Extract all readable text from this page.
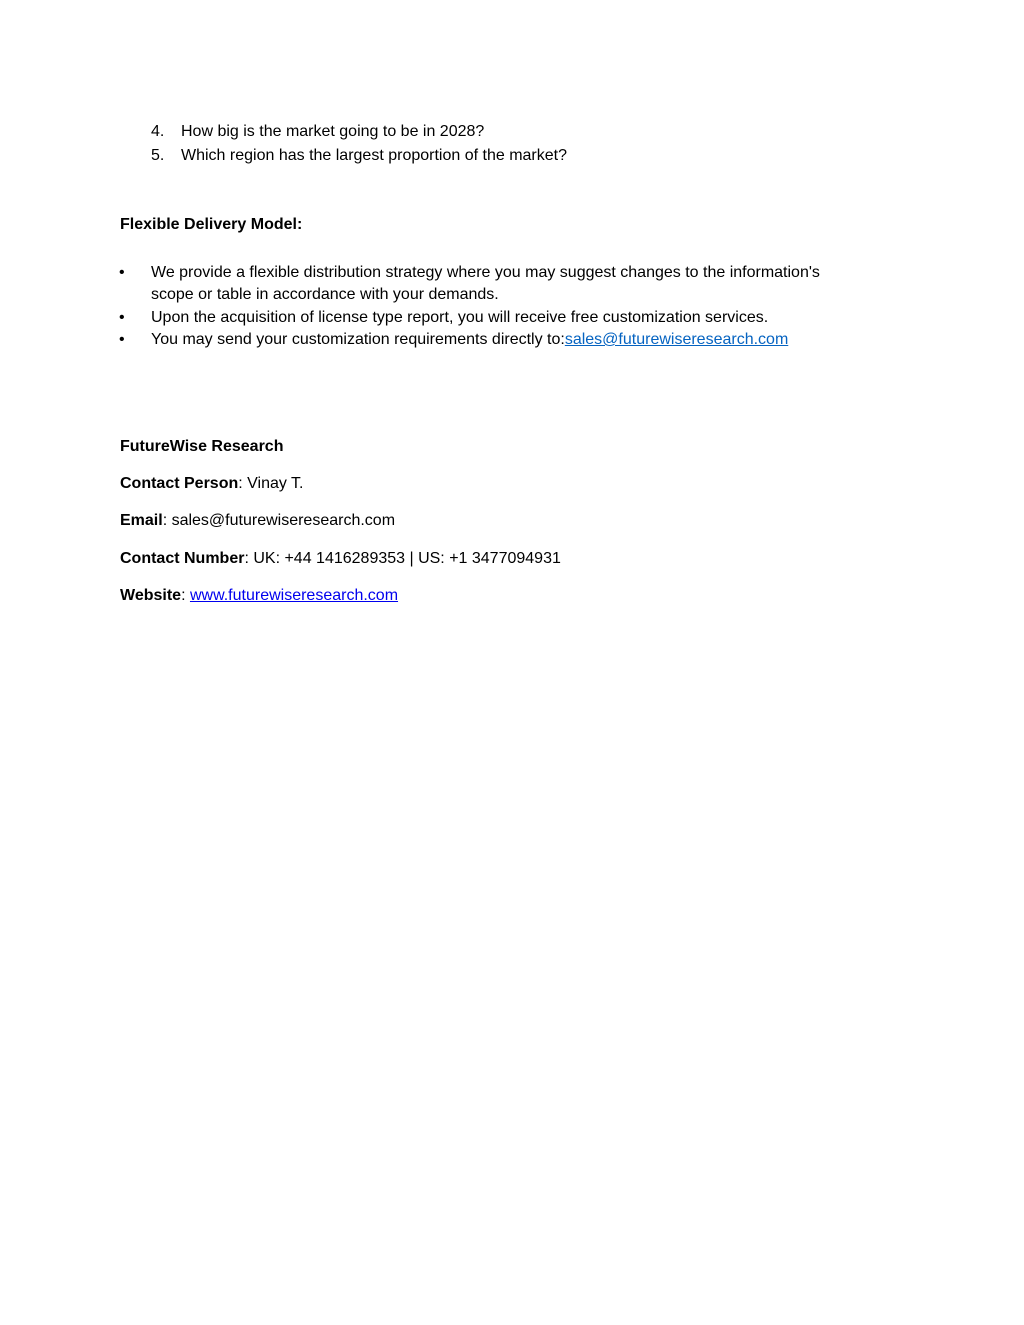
4. How big is the market going to be in 2028?
5. Which region has the largest proportion of the market?
Flexible Delivery Model:
• We provide a flexible distribution strategy where you may suggest changes to the information's
scope or table in accordance with your demands.
• Upon the acquisition of license type report, you will receive free customization services.
• You may send your customization requirements directly to:sales@futurewiseresearch.com
FutureWise Research
Contact Person: Vinay T.
Email: sales@futurewiseresearch.com
Contact Number: UK: +44 1416289353 | US: +1 3477094931
Website: www.futurewiseresearch.com
